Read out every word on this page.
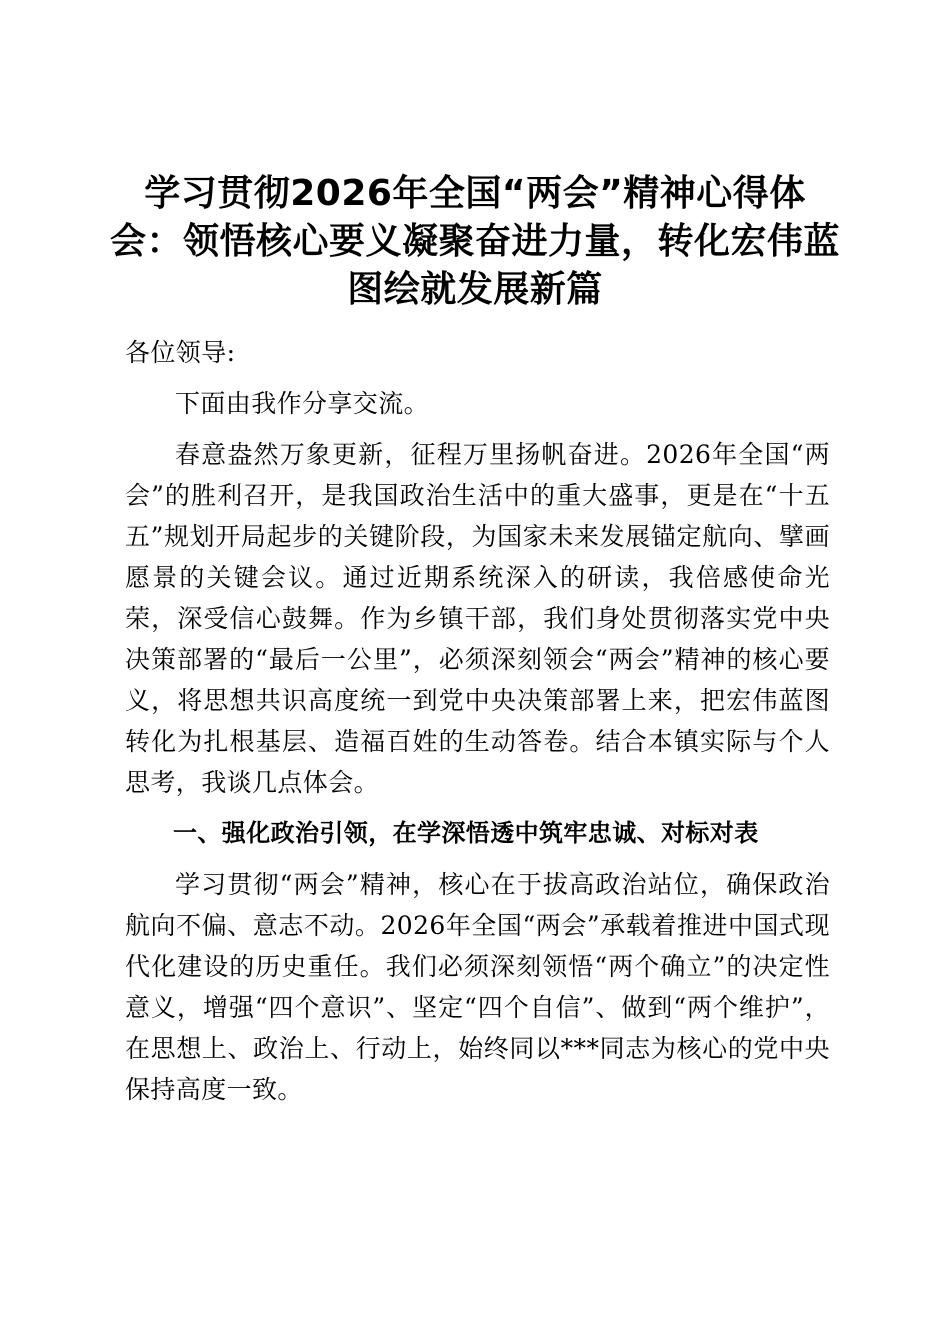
学习贯彻2026年全国“两会”精神心得体会：领悟核心要义凝聚奋进力量，转化宏伟蓝图绘就发展新篇

各位领导:

下面由我作分享交流。

春意盎然万象更新，征程万里扬帆奋进。2026年全国“两会”的胜利召开，是我国政治生活中的重大盛事，更是在“十五五”规划开局起步的关键阶段，为国家未来发展锚定航向、擘画愿景的关键会议。通过近期系统深入的研读，我倍感使命光荣，深受信心鼓舞。作为乡镇干部，我们身处贯彻落实党中央决策部署的“最后一公里”，必须深刻领会“两会”精神的核心要义，将思想共识高度统一到党中央决策部署上来，把宏伟蓝图转化为扎根基层、造福百姓的生动答卷。结合本镇实际与个人思考，我谈几点体会。

一、强化政治引领，在学深悟透中筑牢忠诚、对标对表

学习贯彻“两会”精神，核心在于拔高政治站位，确保政治航向不偏、意志不动。2026年全国“两会”承载着推进中国式现代化建设的历史重任。我们必须深刻领悟“两个确立”的决定性意义，增强“四个意识”、坚定“四个自信”、做到“两个维护”，在思想上、政治上、行动上，始终同以***同志为核心的党中央保持高度一致。
